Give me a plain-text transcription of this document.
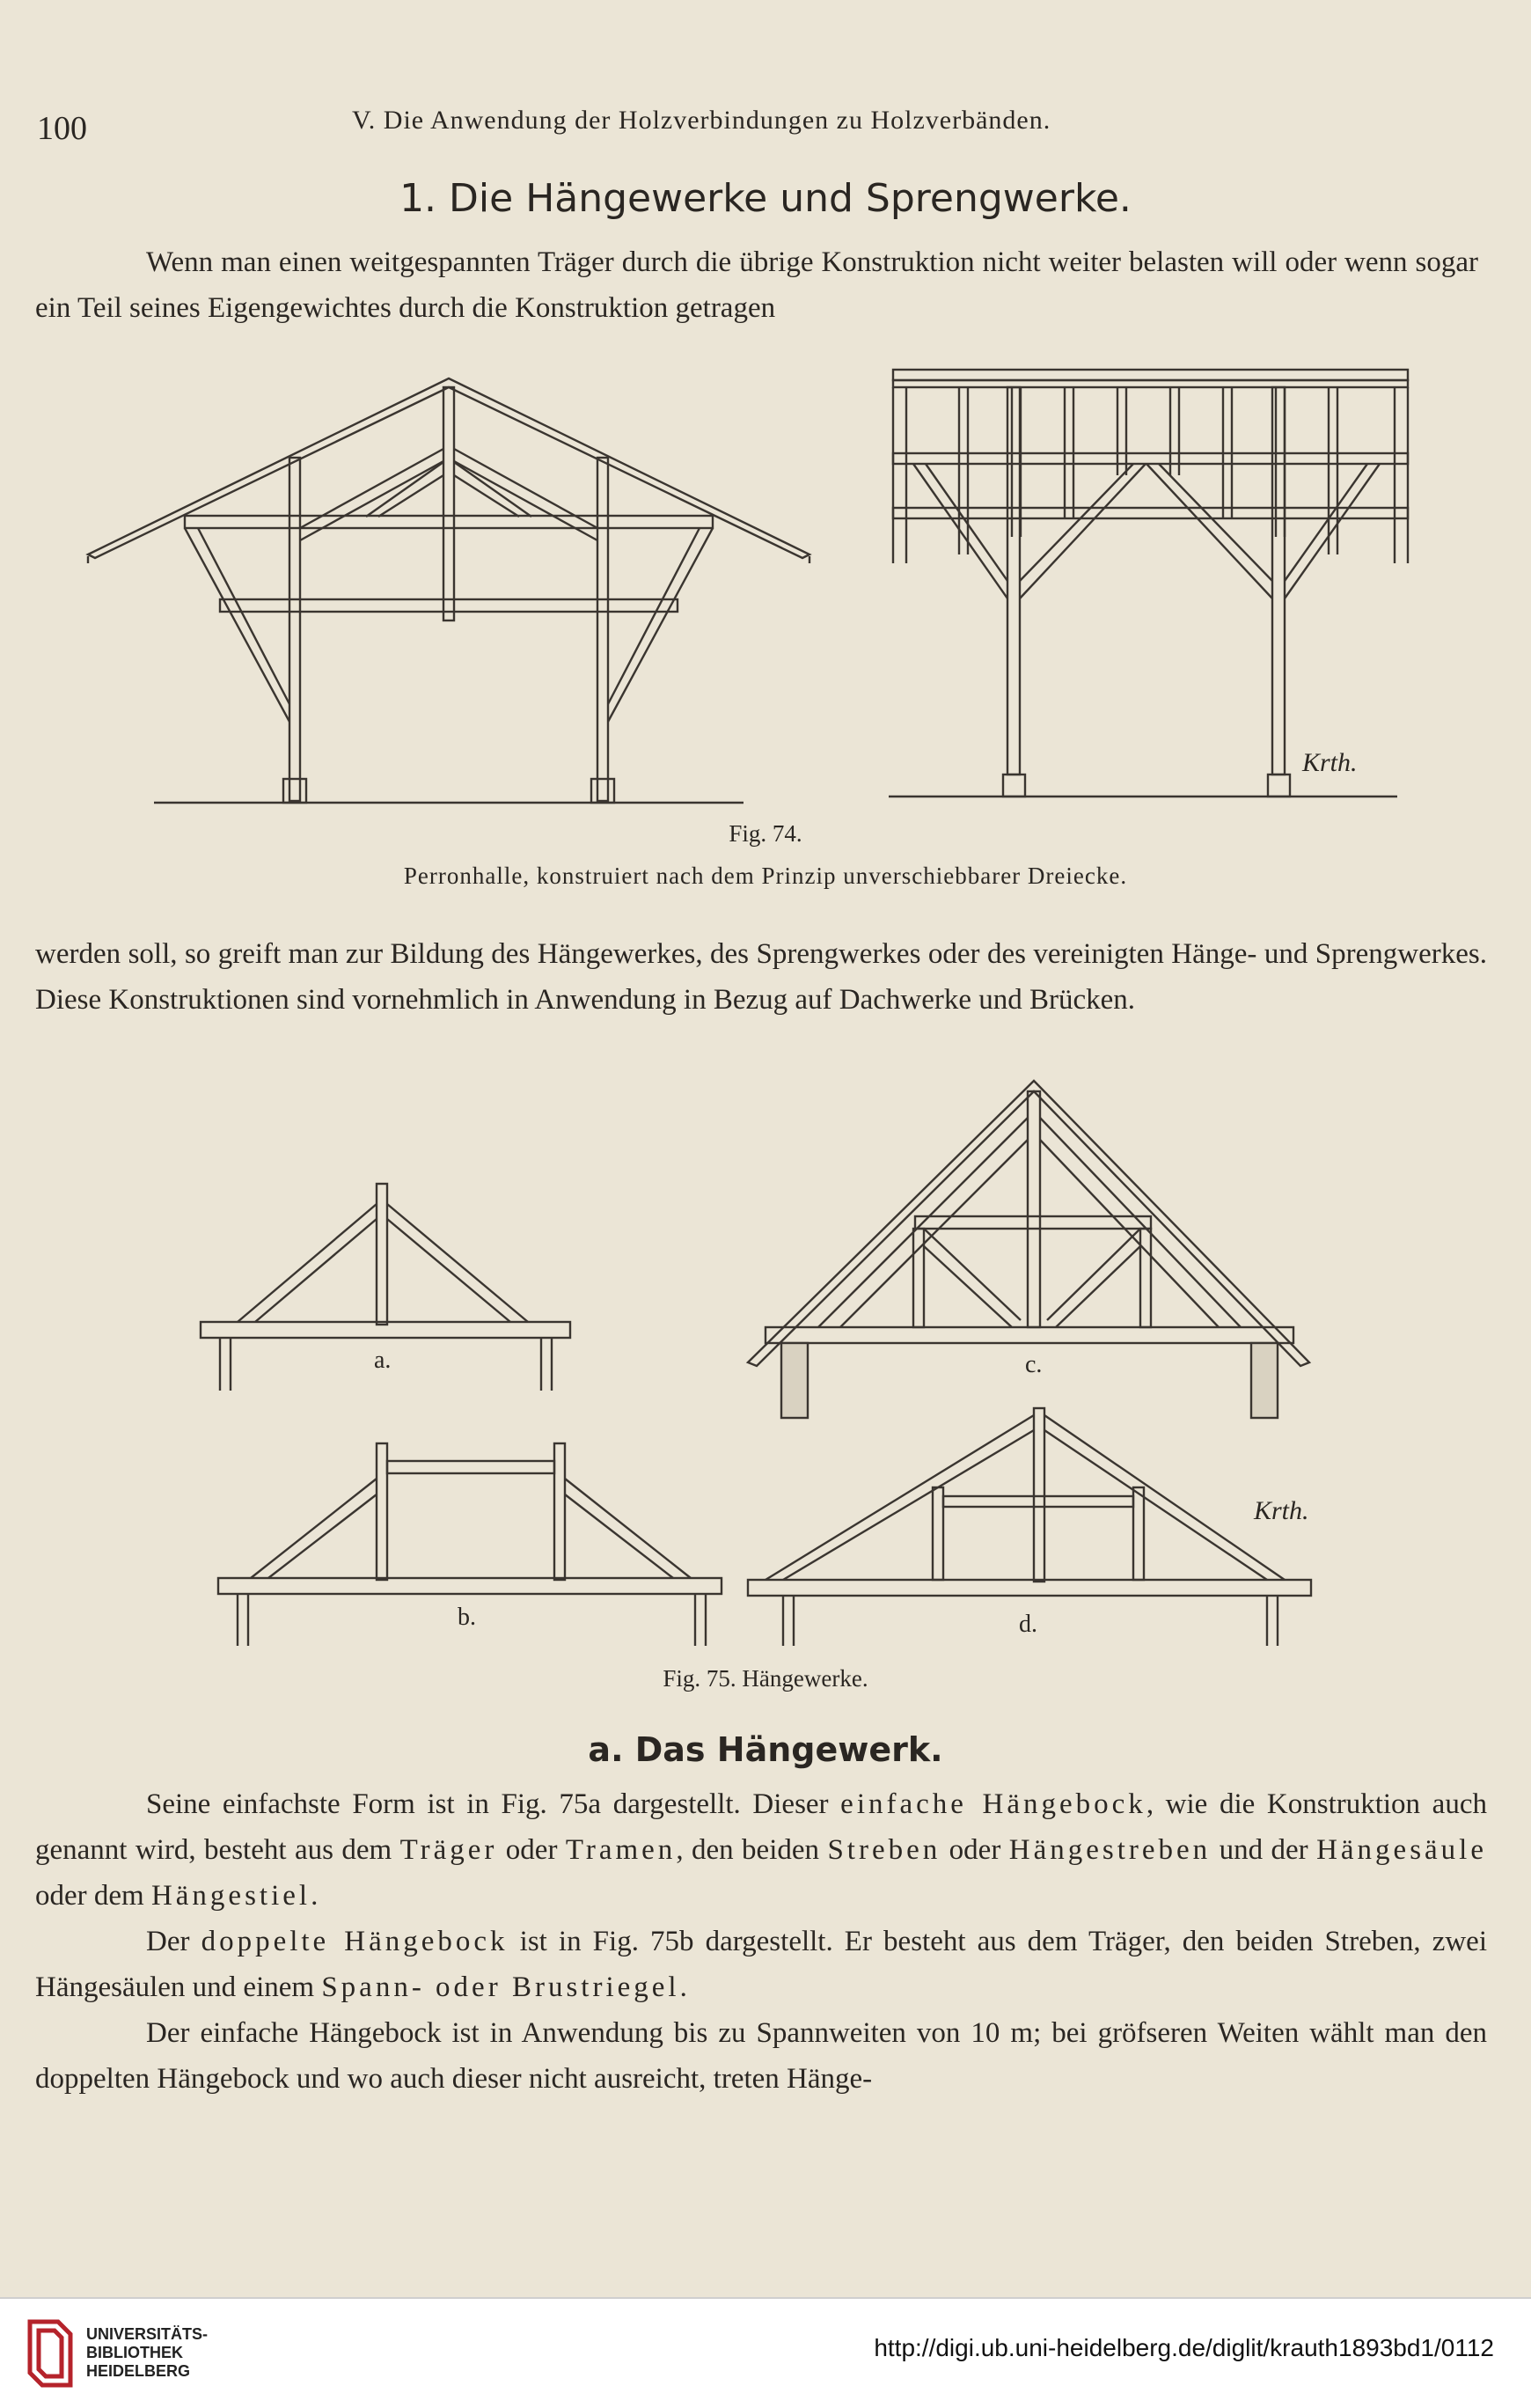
100	V. Die Anwendung der Holzverbindungen zu Holzverbänden.
1. Die Hängewerke und Sprengwerke.
Wenn man einen weitgespannten Träger durch die übrige Konstruktion nicht weiter belasten will oder wenn sogar ein Teil seines Eigengewichtes durch die Konstruktion getragen
Krth.
Fig. 74.
Perronhalle, konstruiert nach dem Prinzip unverschiebbarer Dreiecke.
werden soll, so greift man zur Bildung des Hängewerkes, des Sprengwerkes oder des vereinigten Hänge- und Sprengwerkes. Diese Konstruktionen sind vornehmlich in Anwendung in Bezug auf Dachwerke und Brücken.
a.
b.
c.
d.
Krth.
Fig. 75. Hängewerke.
a. Das Hängewerk.
Seine einfachste Form ist in Fig. 75a dargestellt. Dieser einfache Hängebock, wie die Konstruktion auch genannt wird, besteht aus dem Träger oder Tramen, den beiden Streben oder Hängestreben und der Hängesäule oder dem Hängestiel.
Der doppelte Hängebock ist in Fig. 75b dargestellt. Er besteht aus dem Träger, den beiden Streben, zwei Hängesäulen und einem Spann- oder Brustriegel.
Der einfache Hängebock ist in Anwendung bis zu Spannweiten von 10 m; bei gröfseren Weiten wählt man den doppelten Hängebock und wo auch dieser nicht ausreicht, treten Hänge-
UNIVERSITÄTS-
BIBLIOTHEK
HEIDELBERG
http://digi.ub.uni-heidelberg.de/diglit/krauth1893bd1/0112
